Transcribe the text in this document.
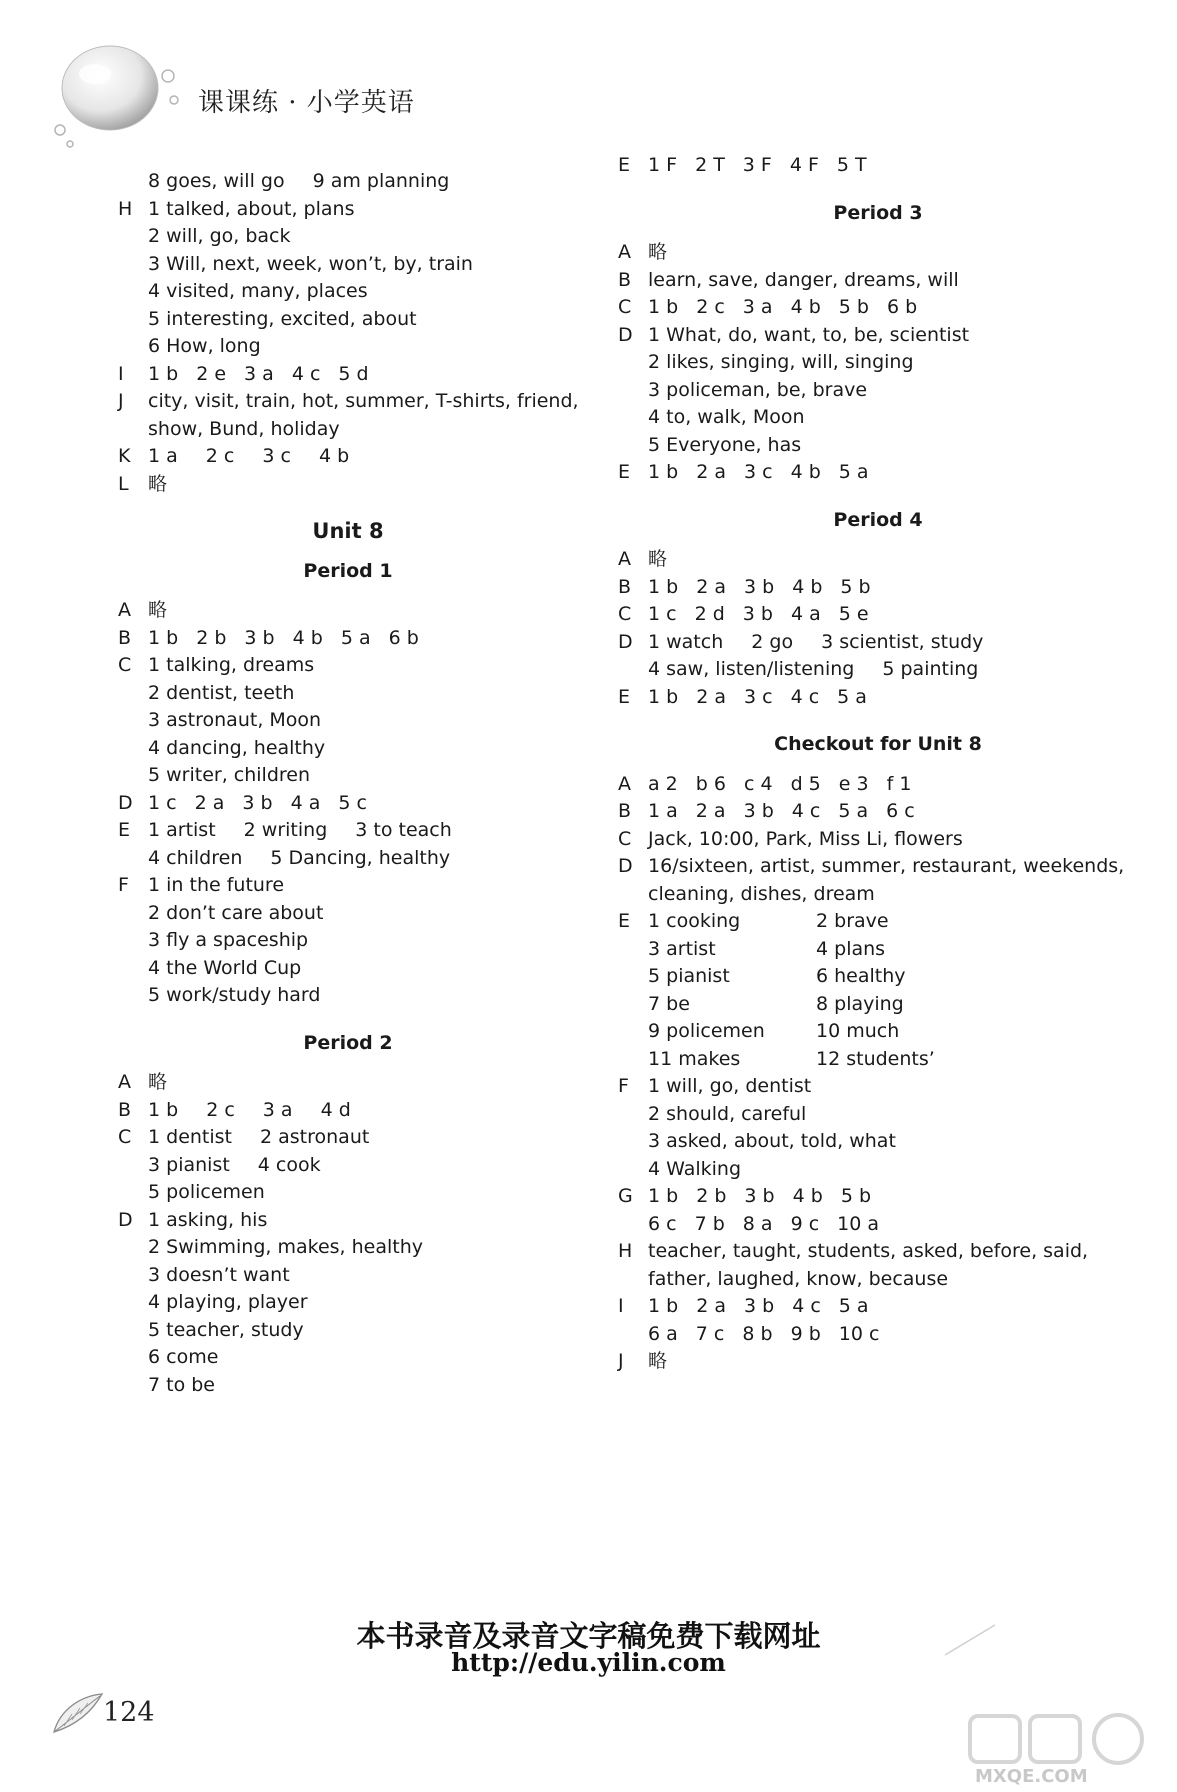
课课练 · 小学英语
8 goes, will go 9 am planning
H 1 talked, about, plans
2 will, go, back
3 Will, next, week, won’t, by, train
4 visited, many, places
5 interesting, excited, about
6 How, long
I	1 b 2 e 3 a 4 c 5 d
J	city, visit, train, hot, summer, T-shirts, friend,
show, Bund, holiday
K 1 a 2 c 3 c 4 b
L	略
Unit 8
Period 1
A 略
B 1 b 2 b 3 b 4 b 5 a 6 b
C 1 talking, dreams
2 dentist, teeth
3 astronaut, Moon
4 dancing, healthy
5 writer, children
D 1 c 2 a 3 b 4 a 5 c
E 1 artist 2 writing 3 to teach
4 children 5 Dancing, healthy
F	1 in the future
2 don’t care about
3 fly a spaceship
4 the World Cup
5 work/study hard
Period 2
A 略
B 1 b 2 c 3 a 4 d
C 1 dentist 2 astronaut
3 pianist 4 cook
5 policemen
D 1 asking, his
2 Swimming, makes, healthy
3 doesn’t want
4 playing, player
5 teacher, study
6 come
7 to be
E 1 F 2 T 3 F 4 F 5 T
Period 3
A 略
B learn, save, danger, dreams, will
C 1 b 2 c 3 a 4 b 5 b 6 b
D 1 What, do, want, to, be, scientist
2 likes, singing, will, singing
3 policeman, be, brave
4 to, walk, Moon
5 Everyone, has
E 1 b 2 a 3 c 4 b 5 a
Period 4
A 略
B 1 b 2 a 3 b 4 b 5 b
C 1 c 2 d 3 b 4 a 5 e
D 1 watch 2 go 3 scientist, study
4 saw, listen/listening 5 painting
E 1 b 2 a 3 c 4 c 5 a
Checkout for Unit 8
A a 2 b 6 c 4 d 5 e 3 f 1
B 1 a 2 a 3 b 4 c 5 a 6 c
C Jack, 10:00, Park, Miss Li, flowers
D 16/sixteen, artist, summer, restaurant, weekends,
cleaning, dishes, dream
E 1 cooking	2 brave
3 artist	4 plans
5 pianist	6 healthy
7 be	8 playing
9 policemen	10 much
11 makes	12 students’
F	1 will, go, dentist
2 should, careful
3 asked, about, told, what
4 Walking
G 1 b 2 b 3 b 4 b 5 b
6 c 7 b 8 a 9 c 10 a
H teacher, taught, students, asked, before, said,
father, laughed, know, because
I	1 b 2 a 3 b 4 c 5 a
6 a 7 c 8 b 9 b 10 c
J	略
本书录音及录音文字稿免费下载网址
http://edu.yilin.com
124
MXQE.COM
